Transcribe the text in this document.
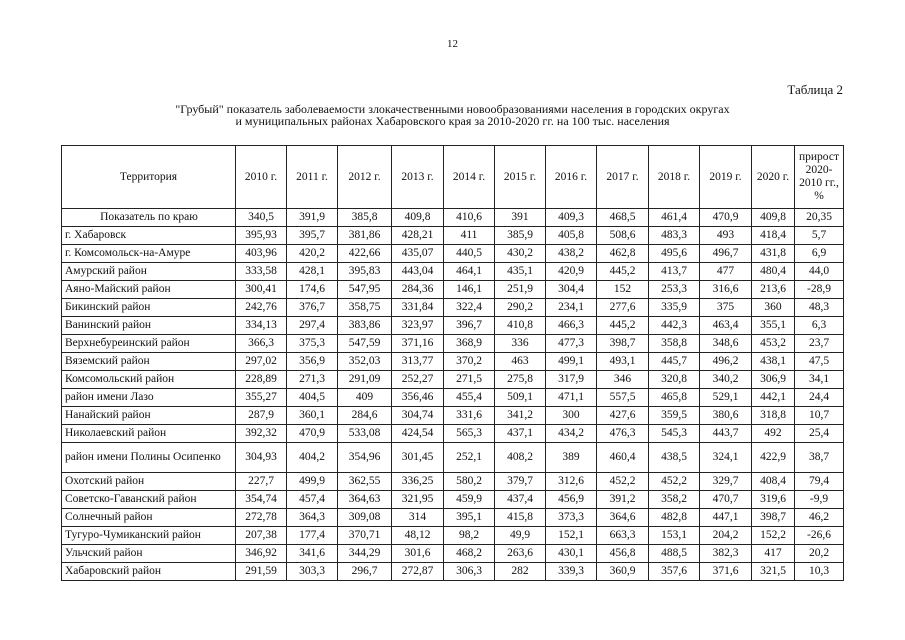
12
Таблица 2
"Грубый" показатель заболеваемости злокачественными новообразованиями населения в городских округах
и муниципальных районах Хабаровского края за 2010-2020 гг. на 100 тыс. населения
Территория	2010 г.	2011 г.	2012 г.	2013 г.	2014 г.	2015 г.	2016 г.	2017 г.	2018 г.	2019 г.	2020 г.	прирост 2020-2010 гг., %
Показатель по краю	340,5	391,9	385,8	409,8	410,6	391	409,3	468,5	461,4	470,9	409,8	20,35
г. Хабаровск	395,93	395,7	381,86	428,21	411	385,9	405,8	508,6	483,3	493	418,4	5,7
г. Комсомольск-на-Амуре	403,96	420,2	422,66	435,07	440,5	430,2	438,2	462,8	495,6	496,7	431,8	6,9
Амурский район	333,58	428,1	395,83	443,04	464,1	435,1	420,9	445,2	413,7	477	480,4	44,0
Аяно-Майский район	300,41	174,6	547,95	284,36	146,1	251,9	304,4	152	253,3	316,6	213,6	-28,9
Бикинский район	242,76	376,7	358,75	331,84	322,4	290,2	234,1	277,6	335,9	375	360	48,3
Ванинский район	334,13	297,4	383,86	323,97	396,7	410,8	466,3	445,2	442,3	463,4	355,1	6,3
Верхнебуреинский район	366,3	375,3	547,59	371,16	368,9	336	477,3	398,7	358,8	348,6	453,2	23,7
Вяземский район	297,02	356,9	352,03	313,77	370,2	463	499,1	493,1	445,7	496,2	438,1	47,5
Комсомольский район	228,89	271,3	291,09	252,27	271,5	275,8	317,9	346	320,8	340,2	306,9	34,1
район имени Лазо	355,27	404,5	409	356,46	455,4	509,1	471,1	557,5	465,8	529,1	442,1	24,4
Нанайский район	287,9	360,1	284,6	304,74	331,6	341,2	300	427,6	359,5	380,6	318,8	10,7
Николаевский район	392,32	470,9	533,08	424,54	565,3	437,1	434,2	476,3	545,3	443,7	492	25,4
район имени Полины Осипенко	304,93	404,2	354,96	301,45	252,1	408,2	389	460,4	438,5	324,1	422,9	38,7
Охотский район	227,7	499,9	362,55	336,25	580,2	379,7	312,6	452,2	452,2	329,7	408,4	79,4
Советско-Гаванский район	354,74	457,4	364,63	321,95	459,9	437,4	456,9	391,2	358,2	470,7	319,6	-9,9
Солнечный район	272,78	364,3	309,08	314	395,1	415,8	373,3	364,6	482,8	447,1	398,7	46,2
Тугуро-Чумиканский район	207,38	177,4	370,71	48,12	98,2	49,9	152,1	663,3	153,1	204,2	152,2	-26,6
Ульчский район	346,92	341,6	344,29	301,6	468,2	263,6	430,1	456,8	488,5	382,3	417	20,2
Хабаровский район	291,59	303,3	296,7	272,87	306,3	282	339,3	360,9	357,6	371,6	321,5	10,3
